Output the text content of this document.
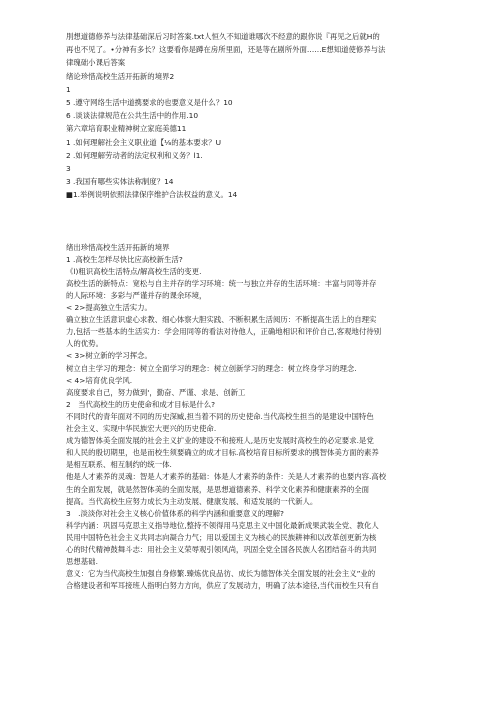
刖想道德修养与法律基础深后习时答案.txt人恒久不知道谁哪次不经意的跟你说『再见之后就H的

再也不见了。•分神有多长？这要看你是蹲在房所里面，还是等在剧所外面……E想知道使修养与法

律瑰础小课后答案

绪论珍惜高校生活开拓新的境界2

1

5 .遵守网络生活中道携要求的也要意义是什么？10

6 .谈谈法律规范在公共生活中的作用.10

第六章培育职业精神树立家庭美德11

1 .如何理解社会主义职业道【⅛的基本要求？U

2 .如何理解劳动者的法定权利和义务？l1.

3

3 .我国有哪些实体法称制度？14

■1.举例说明依照法律保序维护合法权益的意义。14

绪出珍惜高校生活开拓新的境界

1 .高校生怎样尽快比应高校新生活?

《l)粗识高校生活特点∕解高校生活的变更.

高校生活的新特点：宽松与自主并存的学习环境：统一与独立并存的生活环境：丰富与同等并存

的人际环境：多彩与严谨并存的课余环境，

< 2>提高独立生活实力。

确立独立生活意识虚心求教、细心体察大胆实践、不断积累生活阅历：不断提高生活上的自理实

力,包括一些基本的生活实力：学会用同等的看法对待他人，正确地相识和评价自己,客观地付待别

人的优势。

< 3>树立新的学习挥念。

树立自主学习的理念：树立全面学习的理念：树立创新学习的理念：树立终身学习的理念.

< 4>培育优良学风.

高度要求自己，努力做到'，勤奋、严谨、求是、创新工

2　当代高校生的历史使命和成才目标是什么?

不同时代的青年面对不同的历史深臧,担当着不同的历史使命.当代高校生担当的是建设中国特色

社会主义、实现中华民族宏大更兴的历史使命.

成为德智体美全面发展的社会主义扩业的建设不和接班人,是历史发展时高校生的必定要求.是党

和人民的殷切期里，也是而校生须要确立的成才目标.高校培育目标所要求的携智体美方面的素养

是相互联系、相互制约的统一体.

他是人才素养的灵魂：智是人才素养的基础：体是人才素养的条件：关是人才素养的也要内容.高校

生的全面发展，就是然智体美的全面发展，是思想道德素养、科学文化素养和健康素养的全面

提高。当代高校生应努力成长为主动发展、健康发展、和适发展的一代新人。

3　.淡淡你对社会主义核心价值体系的科学内涵和重要意义的理解?

科学内涵：巩固马克思主义指导地位,整持不领得用马克思主义中国化最新成果武装全党、教化人

民用中国特色社会主义共同志向凝合力气；用以爱国主义为核心的民族耕神和以改革创更新为核

心的时代精神鼓舞斗志：用社会主义荣辱观引领风尚，巩固全党全国各民族人名团结奋斗的共同

思想基础.

意义：它为当代高校生加强自身修繁.臻炼优良品彷、成长为德智体关全面发展的社会主义”业的

合格建设者和军耳接班人指明白努力方向，供应了发展动力，明确了法本途径,当代而校生只有自
